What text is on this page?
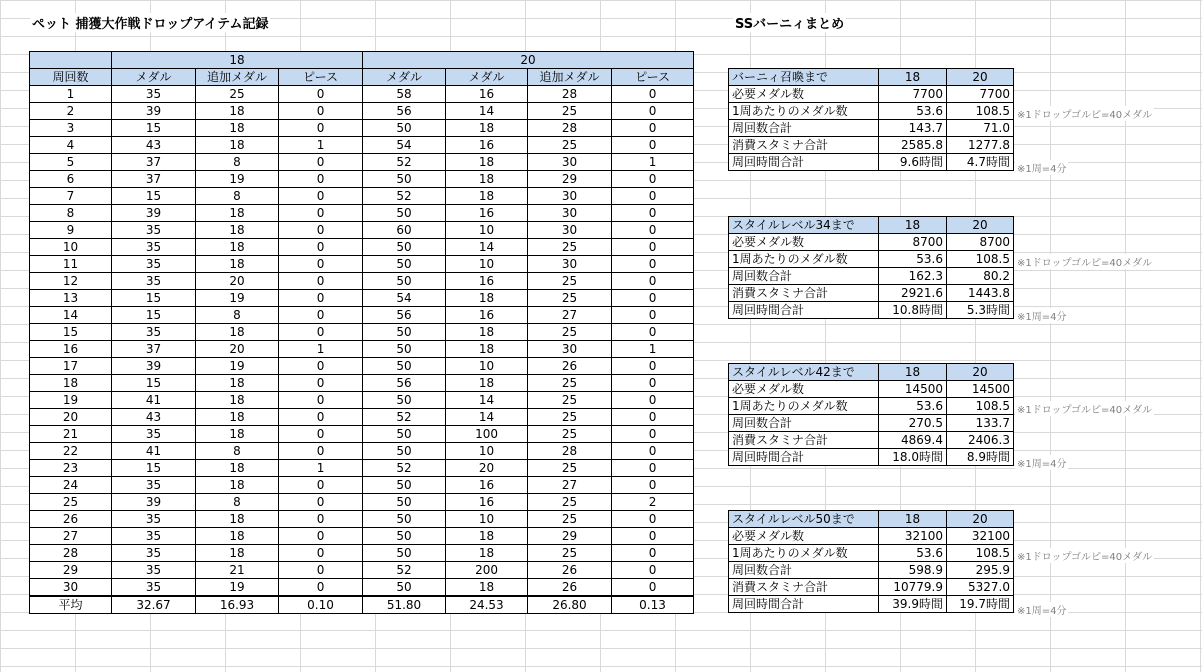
ペット 捕獲大作戦ドロップアイテム記録	SSバーニィまとめ
	18			20			
周回数	メダル	追加メダル	ピース	メダル	メダル	追加メダル	ピース
1	35	25	0	58	16	28	0
2	39	18	0	56	14	25	0
3	15	18	0	50	18	28	0
4	43	18	1	54	16	25	0
5	37	8	0	52	18	30	1
6	37	19	0	50	18	29	0
7	15	8	0	52	18	30	0
8	39	18	0	50	16	30	0
9	35	18	0	60	10	30	0
10	35	18	0	50	14	25	0
11	35	18	0	50	10	30	0
12	35	20	0	50	16	25	0
13	15	19	0	54	18	25	0
14	15	8	0	56	16	27	0
15	35	18	0	50	18	25	0
16	37	20	1	50	18	30	1
17	39	19	0	50	10	26	0
18	15	18	0	56	18	25	0
19	41	18	0	50	14	25	0
20	43	18	0	52	14	25	0
21	35	18	0	50	100	25	0
22	41	8	0	50	10	28	0
23	15	18	1	52	20	25	0
24	35	18	0	50	16	27	0
25	39	8	0	50	16	25	2
26	35	18	0	50	10	25	0
27	35	18	0	50	18	29	0
28	35	18	0	50	18	25	0
29	35	21	0	52	200	26	0
30	35	19	0	50	18	26	0
平均	32.67	16.93	0.10	51.80	24.53	26.80	0.13
バーニィ召喚まで	18	20
必要メダル数	7700	7700
1周あたりのメダル数	53.6	108.5
周回数合計	143.7	71.0
消費スタミナ合計	2585.8	1277.8
周回時間合計	9.6時間	4.7時間
※1ドロップゴルピ=40メダル
※1周=4分
スタイルレベル34まで	18	20
必要メダル数	8700	8700
1周あたりのメダル数	53.6	108.5
周回数合計	162.3	80.2
消費スタミナ合計	2921.6	1443.8
周回時間合計	10.8時間	5.3時間
※1ドロップゴルピ=40メダル
※1周=4分
スタイルレベル42まで	18	20
必要メダル数	14500	14500
1周あたりのメダル数	53.6	108.5
周回数合計	270.5	133.7
消費スタミナ合計	4869.4	2406.3
周回時間合計	18.0時間	8.9時間
※1ドロップゴルピ=40メダル
※1周=4分
スタイルレベル50まで	18	20
必要メダル数	32100	32100
1周あたりのメダル数	53.6	108.5
周回数合計	598.9	295.9
消費スタミナ合計	10779.9	5327.0
周回時間合計	39.9時間	19.7時間
※1ドロップゴルピ=40メダル
※1周=4分
